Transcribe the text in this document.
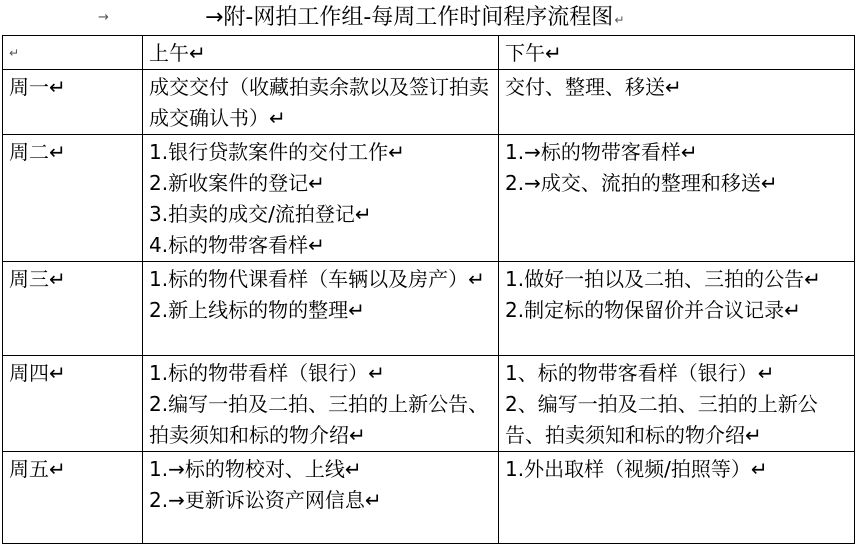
→	→附-网拍工作组-每周工作时间程序流程图↵
↵	上午↵	下午↵

周一↵	成交交付（收藏拍卖余款以及签订拍卖成交确认书）↵	交付、整理、移送↵

周二↵	1.银行贷款案件的交付工作↵
2.新收案件的登记↵
3.拍卖的成交/流拍登记↵
4.标的物带客看样↵	1.→标的物带客看样↵
2.→成交、流拍的整理和移送↵

周三↵	1.标的物代课看样（车辆以及房产）↵
2.新上线标的物的整理↵	1.做好一拍以及二拍、三拍的公告↵
2.制定标的物保留价并合议记录↵

周四↵	1.标的物带看样（银行）↵
2.编写一拍及二拍、三拍的上新公告、拍卖须知和标的物介绍↵	1、标的物带客看样（银行）↵
2、编写一拍及二拍、三拍的上新公告、拍卖须知和标的物介绍↵

周五↵	1.→标的物校对、上线↵
2.→更新诉讼资产网信息↵	1.外出取样（视频/拍照等）↵
